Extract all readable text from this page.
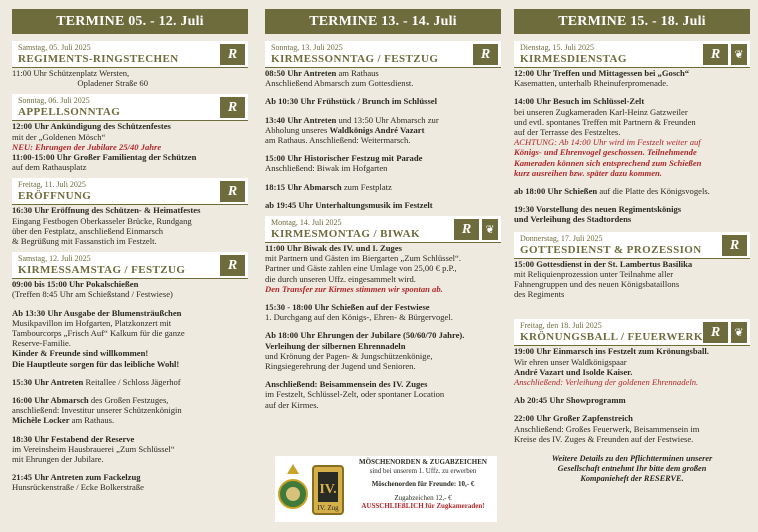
TERMINE 05. - 12. Juli
Samstag, 05. Juli 2025
REGIMENTS-RINGSTECHEN	R

11:00 Uhr Schützenplatz Wersten,

Opladener Straße 60

Sonntag, 06. Juli 2025
APPELLSONNTAG	R

12:00 Uhr Ankündigung des Schützenfestes

mit der „Goldenen Mösch“

NEU: Ehrungen der Jubilare 25/40 Jahre

11:00-15:00 Uhr Großer Familientag der Schützen

auf dem Rathausplatz

Freitag, 11. Juli 2025
ERÖFFNUNG	R

16:30 Uhr Eröffnung des Schützen- & Heimatfestes

Eingang Festbogen Oberkasseler Brücke, Rundgang

über den Festplatz, anschließend Einmarsch

& Begrüßung mit Fassanstich im Festzelt.

Samstag, 12. Juli 2025
KIRMESSAMSTAG / FESTZUG	R

09:00 bis 15:00 Uhr Pokalschießen

(Treffen 8:45 Uhr am Schießstand / Festwiese)

Ab 13:30 Uhr Ausgabe der Blumensträußchen

Musikpavillon im Hofgarten, Platzkonzert mit

Tambourcorps „Frisch Auf“ Kalkum für die ganze

Reserve-Familie.

Kinder & Freunde sind willkommen!

Die Hauptleute sorgen für das leibliche Wohl!

15:30 Uhr Antreten Reitallee / Schloss Jägerhof

16:00 Uhr Abmarsch des Großen Festzuges,

anschließend: Investitur unserer Schützenkönigin

Michèle Locker am Rathaus.

18:30 Uhr Festabend der Reserve

im Vereinsheim Hausbrauerei „Zum Schlüssel“

mit Ehrungen der Jubilare.

21:45 Uhr Antreten zum Fackelzug

Hunsrückenstraße / Ecke Bolkerstraße

TERMINE 13. - 14. Juli
Sonntag, 13. Juli 2025
KIRMESSONNTAG / FESTZUG	R

08:50 Uhr Antreten am Rathaus

Anschließend Abmarsch zum Gottesdienst.

Ab 10:30 Uhr Frühstück / Brunch im Schlüssel

13:40 Uhr Antreten und 13:50 Uhr Abmarsch zur

Abholung unseres Waldkönigs André Vazart

am Rathaus. Anschließend: Weitermarsch.

15:00 Uhr Historischer Festzug mit Parade

Anschließend: Biwak im Hofgarten

18:15 Uhr Abmarsch zum Festplatz

ab 19:45 Uhr Unterhaltungsmusik im Festzelt

Montag, 14. Juli 2025
KIRMESMONTAG / BIWAK	R	❦

11:00 Uhr Biwak des IV. und I. Zuges

mit Partnern und Gästen im Biergarten „Zum Schlüssel“.

Partner und Gäste zahlen eine Umlage von 25,00 € p.P.,

die durch unseren Uffz. eingesammelt wird.

Den Transfer zur Kirmes stimmen wir spontan ab.

15:30 - 18:00 Uhr Schießen auf der Festwiese

1. Durchgang auf den Königs-, Ehren- & Bürgervogel.

Ab 18:00 Uhr Ehrungen der Jubilare (50/60/70 Jahre).

Verleihung der silbernen Ehrennadeln

und Krönung der Pagen- & Jungschützenkönige,

Ringsiegerehrung der Jugend und Senioren.

Anschließend: Beisammensein des IV. Zuges

im Festzelt, Schlüssel-Zelt, oder spontaner Location

auf der Kirmes.

IV.
IV. Zug
MÖSCHENORDEN & ZUGABZEICHEN
sind bei unserem 1. Uffz. zu erwerben
Möschenorden für Freunde: 10,- €
Zugabzeichen 12,- €
AUSSCHLIEßLICH für Zugkameraden!
TERMINE 15. - 18. Juli
Dienstag, 15. Juli 2025
KIRMESDIENSTAG	R	❦

12:00 Uhr Treffen und Mittagessen bei „Gosch“

Kasematten, unterhalb Rheinuferpromenade.

14:00 Uhr Besuch im Schlüssel-Zelt

bei unseren Zugkameraden Karl-Heinz Gatzweiler

und evtl. spontanes Treffen mit Partnern & Freunden

auf der Terrasse des Festzeltes.

ACHTUNG: Ab 14:00 Uhr wird im Festzelt weiter auf

Königs- und Ehrenvogel geschossen. Teilnehmende

Kameraden können sich entsprechend zum Schießen

kurz ausreihen bzw. später dazu kommen.

ab 18:00 Uhr Schießen auf die Platte des Königsvogels.

19:30 Vorstellung des neuen Regimentskönigs

und Verleihung des Stadtordens

Donnerstag, 17. Juli 2025
GOTTESDIENST & PROZESSION	R

15:00 Gottesdienst in der St. Lambertus Basilika

mit Reliquienprozession unter Teilnahme aller

Fahnengruppen und des neuen Königsbataillons

des Regiments

Freitag, den 18. Juli 2025
KRÖNUNGSBALL / FEUERWERK R	❦

19:00 Uhr Einmarsch ins Festzelt zum Krönungsball.

Wir ehren unser Waldkönigspaar

André Vazart und Isolde Kaiser.

Anschließend: Verleihung der goldenen Ehrennadeln.

Ab 20:45 Uhr Showprogramm

22:00 Uhr Großer Zapfenstreich

Anschließend: Großes Feuerwerk, Beisammensein im

Kreise des IV. Zuges & Freunden auf der Festwiese.

Weitere Details zu den Pflichtterminen unserer
Gesellschaft entnehmt Ihr bitte dem großen
Kompanieheft der RESERVE.
